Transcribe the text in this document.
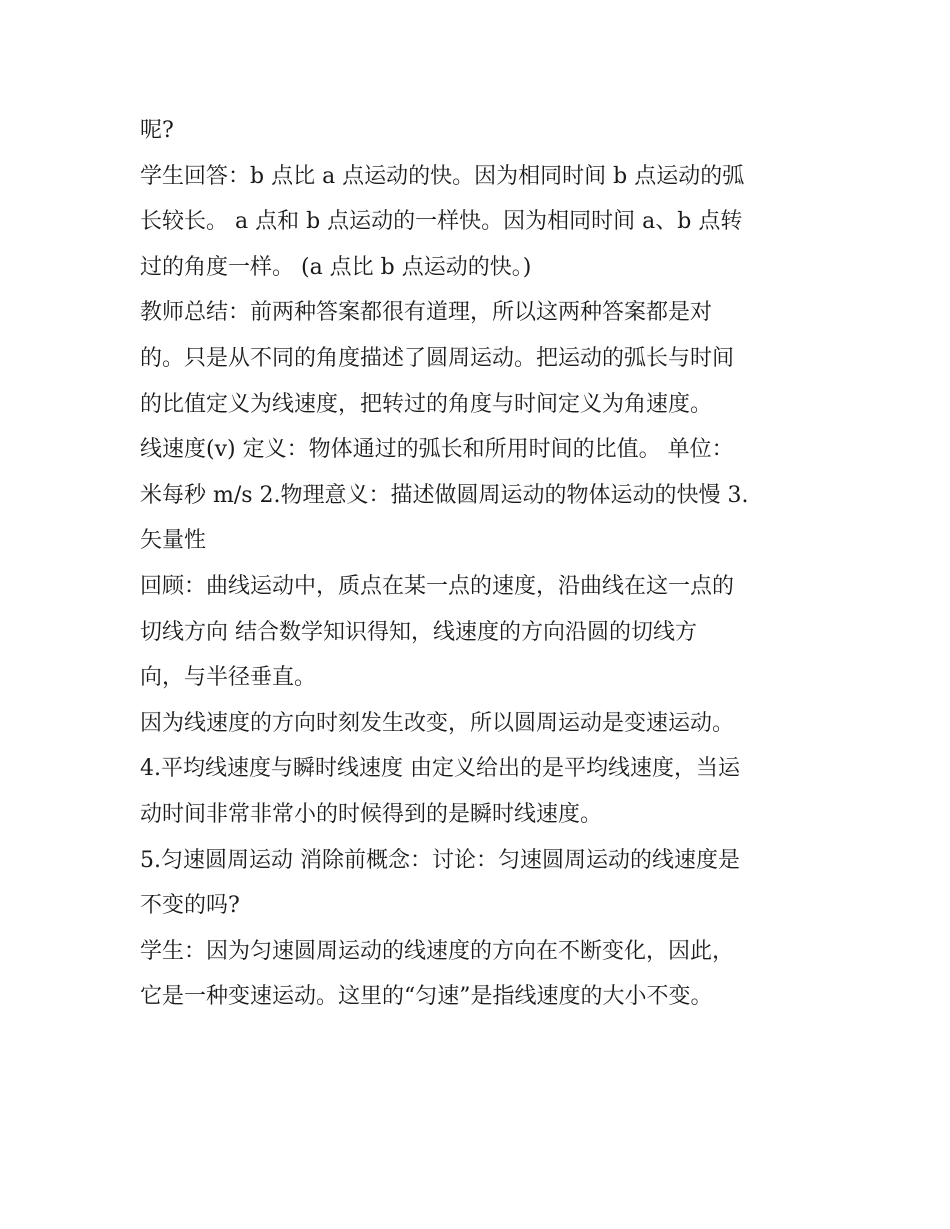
呢?
学生回答：b 点比 a 点运动的快。因为相同时间 b 点运动的弧
长较长。 a 点和 b 点运动的一样快。因为相同时间 a、b 点转
过的角度一样。 (a 点比 b 点运动的快。)
教师总结：前两种答案都很有道理，所以这两种答案都是对
的。只是从不同的角度描述了圆周运动。把运动的弧长与时间
的比值定义为线速度，把转过的角度与时间定义为角速度。
线速度(v) 定义：物体通过的弧长和所用时间的比值。 单位：
米每秒 m/s 2.物理意义：描述做圆周运动的物体运动的快慢 3.
矢量性
回顾：曲线运动中，质点在某一点的速度，沿曲线在这一点的
切线方向 结合数学知识得知，线速度的方向沿圆的切线方
向，与半径垂直。
因为线速度的方向时刻发生改变，所以圆周运动是变速运动。
4.平均线速度与瞬时线速度 由定义给出的是平均线速度，当运
动时间非常非常小的时候得到的是瞬时线速度。
5.匀速圆周运动 消除前概念：讨论：匀速圆周运动的线速度是
不变的吗?
学生：因为匀速圆周运动的线速度的方向在不断变化，因此，
它是一种变速运动。这里的“匀速”是指线速度的大小不变。
